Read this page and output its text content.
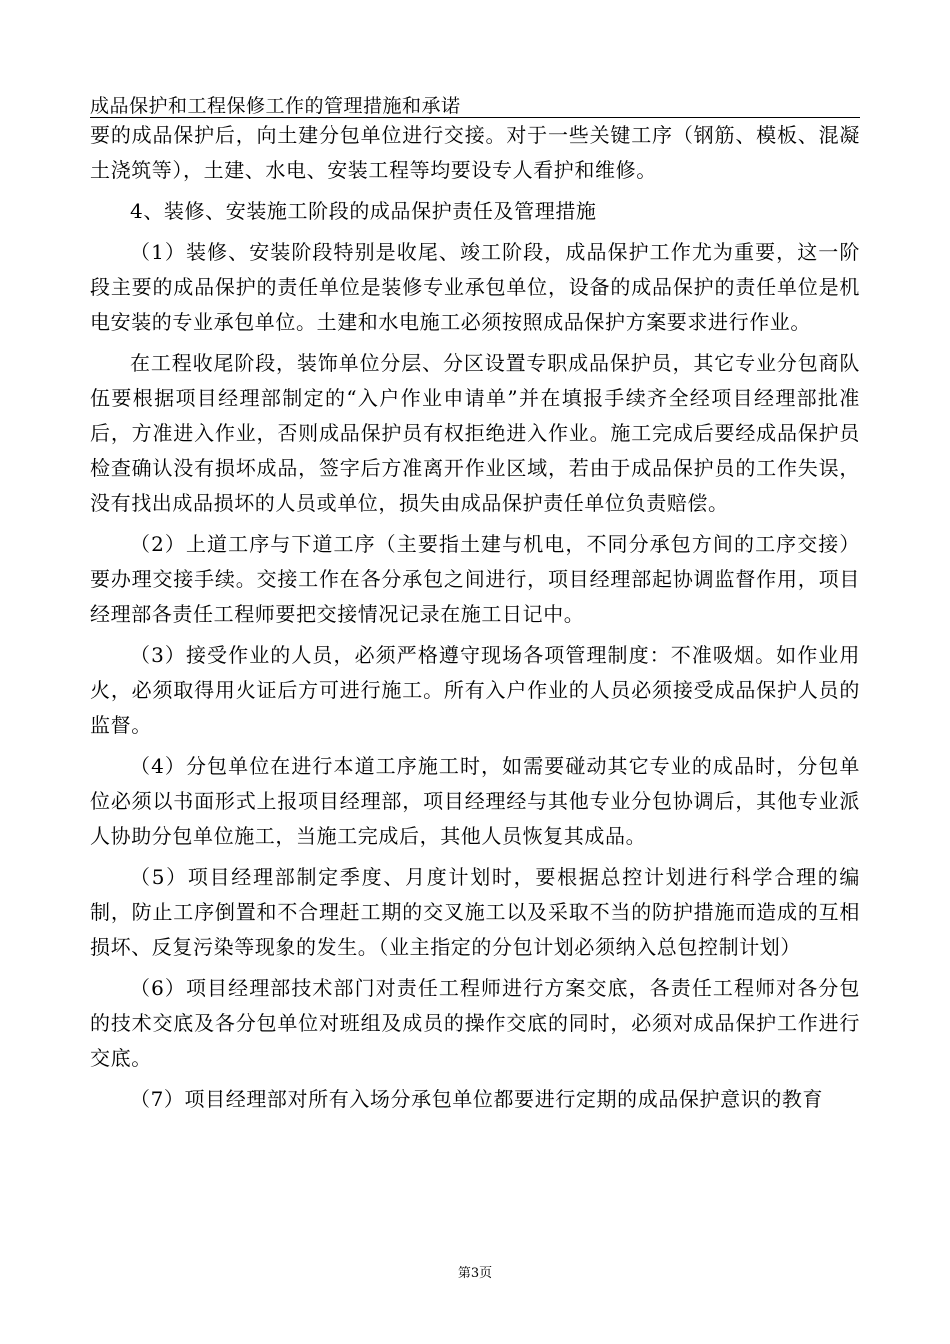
成品保护和工程保修工作的管理措施和承诺

要的成品保护后，向土建分包单位进行交接。对于一些关键工序（钢筋、模板、混凝土浇筑等），土建、水电、安装工程等均要设专人看护和维修。

4、装修、安装施工阶段的成品保护责任及管理措施

（1）装修、安装阶段特别是收尾、竣工阶段，成品保护工作尤为重要，这一阶段主要的成品保护的责任单位是装修专业承包单位，设备的成品保护的责任单位是机电安装的专业承包单位。土建和水电施工必须按照成品保护方案要求进行作业。

在工程收尾阶段，装饰单位分层、分区设置专职成品保护员，其它专业分包商队伍要根据项目经理部制定的“入户作业申请单”并在填报手续齐全经项目经理部批准后，方准进入作业，否则成品保护员有权拒绝进入作业。施工完成后要经成品保护员检查确认没有损坏成品，签字后方准离开作业区域，若由于成品保护员的工作失误，没有找出成品损坏的人员或单位，损失由成品保护责任单位负责赔偿。

（2）上道工序与下道工序（主要指土建与机电，不同分承包方间的工序交接）要办理交接手续。交接工作在各分承包之间进行，项目经理部起协调监督作用，项目经理部各责任工程师要把交接情况记录在施工日记中。

（3）接受作业的人员，必须严格遵守现场各项管理制度：不准吸烟。如作业用火，必须取得用火证后方可进行施工。所有入户作业的人员必须接受成品保护人员的监督。

（4）分包单位在进行本道工序施工时，如需要碰动其它专业的成品时，分包单位必须以书面形式上报项目经理部，项目经理经与其他专业分包协调后，其他专业派人协助分包单位施工，当施工完成后，其他人员恢复其成品。

（5）项目经理部制定季度、月度计划时，要根据总控计划进行科学合理的编制，防止工序倒置和不合理赶工期的交叉施工以及采取不当的防护措施而造成的互相损坏、反复污染等现象的发生。（业主指定的分包计划必须纳入总包控制计划）

（6）项目经理部技术部门对责任工程师进行方案交底，各责任工程师对各分包的技术交底及各分包单位对班组及成员的操作交底的同时，必须对成品保护工作进行交底。

（7）项目经理部对所有入场分承包单位都要进行定期的成品保护意识的教育

第3页
